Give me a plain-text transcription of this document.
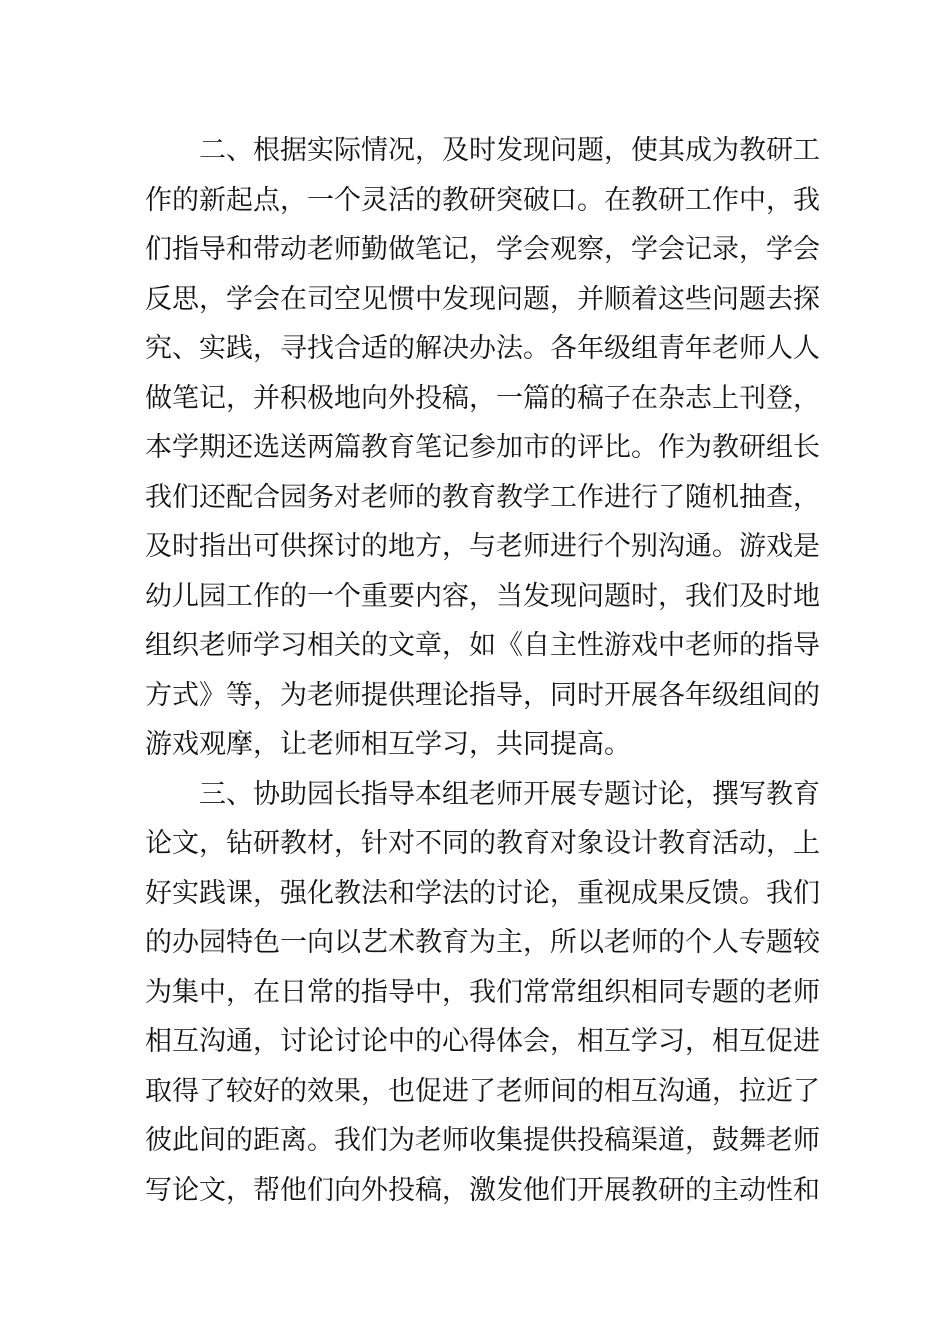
二、根据实际情况，及时发现问题，使其成为教研工
作的新起点，一个灵活的教研突破口。在教研工作中，我
们指导和带动老师勤做笔记，学会观察，学会记录，学会
反思，学会在司空见惯中发现问题，并顺着这些问题去探
究、实践，寻找合适的解决办法。各年级组青年老师人人
做笔记，并积极地向外投稿，一篇的稿子在杂志上刊登，
本学期还选送两篇教育笔记参加市的评比。作为教研组长
我们还配合园务对老师的教育教学工作进行了随机抽查，
及时指出可供探讨的地方，与老师进行个别沟通。游戏是
幼儿园工作的一个重要内容，当发现问题时，我们及时地
组织老师学习相关的文章，如《自主性游戏中老师的指导
方式》等，为老师提供理论指导，同时开展各年级组间的
游戏观摩，让老师相互学习，共同提高。
三、协助园长指导本组老师开展专题讨论，撰写教育
论文，钻研教材，针对不同的教育对象设计教育活动，上
好实践课，强化教法和学法的讨论，重视成果反馈。我们
的办园特色一向以艺术教育为主，所以老师的个人专题较
为集中，在日常的指导中，我们常常组织相同专题的老师
相互沟通，讨论讨论中的心得体会，相互学习，相互促进
取得了较好的效果，也促进了老师间的相互沟通，拉近了
彼此间的距离。我们为老师收集提供投稿渠道，鼓舞老师
写论文，帮他们向外投稿，激发他们开展教研的主动性和
